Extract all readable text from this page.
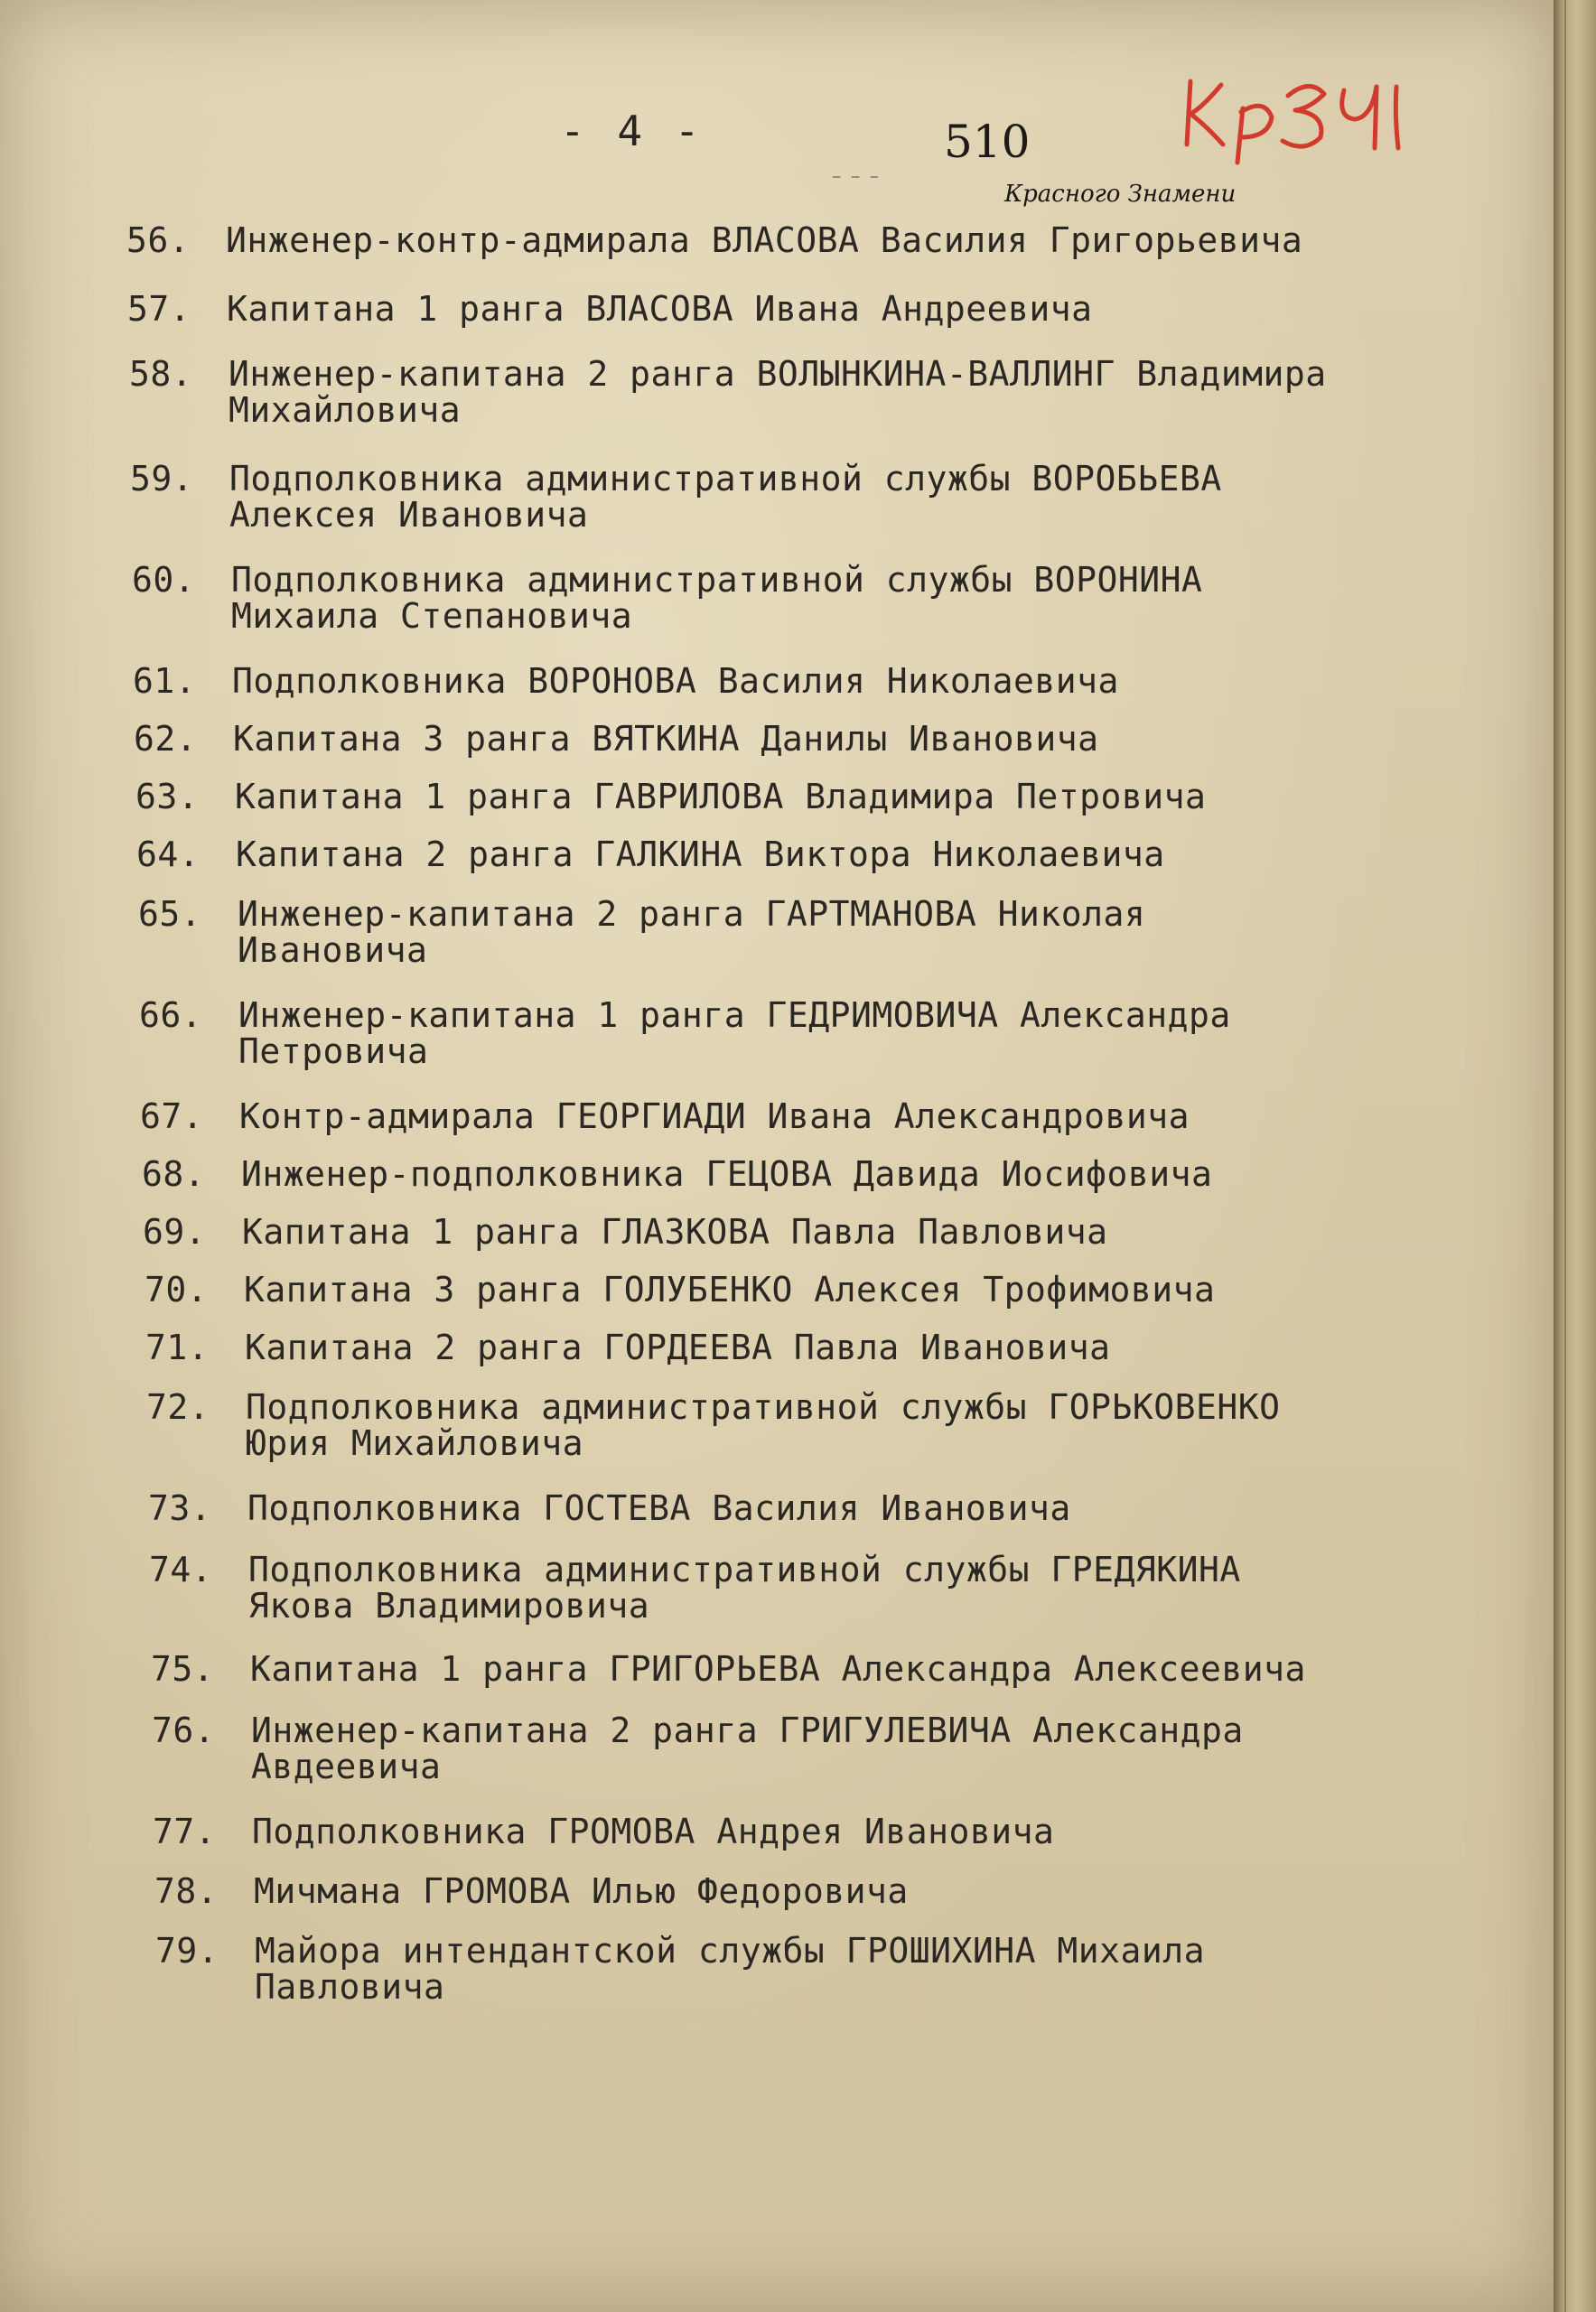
- 4 -	510
— — —
Красного Знамени
56.	Инженер-контр-адмирала ВЛАСОВА Василия Григорьевича
57.	Капитана 1 ранга ВЛАСОВА Ивана Андреевича
58.	Инженер-капитана 2 ранга ВОЛЫНКИНА-ВАЛЛИНГ Владимира
Михайловича
59.	Подполковника административной службы ВОРОБЬЕВА
Алексея Ивановича
60.	Подполковника административной службы ВОРОНИНА
Михаила Степановича
61.	Подполковника ВОРОНОВА Василия Николаевича
62.	Капитана 3 ранга ВЯТКИНА Данилы Ивановича
63.	Капитана 1 ранга ГАВРИЛОВА Владимира Петровича
64.	Капитана 2 ранга ГАЛКИНА Виктора Николаевича
65.	Инженер-капитана 2 ранга ГАРТМАНОВА Николая
Ивановича
66.	Инженер-капитана 1 ранга ГЕДРИМОВИЧА Александра
Петровича
67.	Контр-адмирала ГЕОРГИАДИ Ивана Александровича
68.	Инженер-подполковника ГЕЦОВА Давида Иосифовича
69.	Капитана 1 ранга ГЛАЗКОВА Павла Павловича
70.	Капитана 3 ранга ГОЛУБЕНКО Алексея Трофимовича
71.	Капитана 2 ранга ГОРДЕЕВА Павла Ивановича
72.	Подполковника административной службы ГОРЬКОВЕНКО
Юрия Михайловича
73.	Подполковника ГОСТЕВА Василия Ивановича
74.	Подполковника административной службы ГРЕДЯКИНА
Якова Владимировича
75.	Капитана 1 ранга ГРИГОРЬЕВА Александра Алексеевича
76.	Инженер-капитана 2 ранга ГРИГУЛЕВИЧА Александра
Авдеевича
77.	Подполковника ГРОМОВА Андрея Ивановича
78.	Мичмана ГРОМОВА Илью Федоровича
79.	Майора интендантской службы ГРОШИХИНА Михаила
Павловича
